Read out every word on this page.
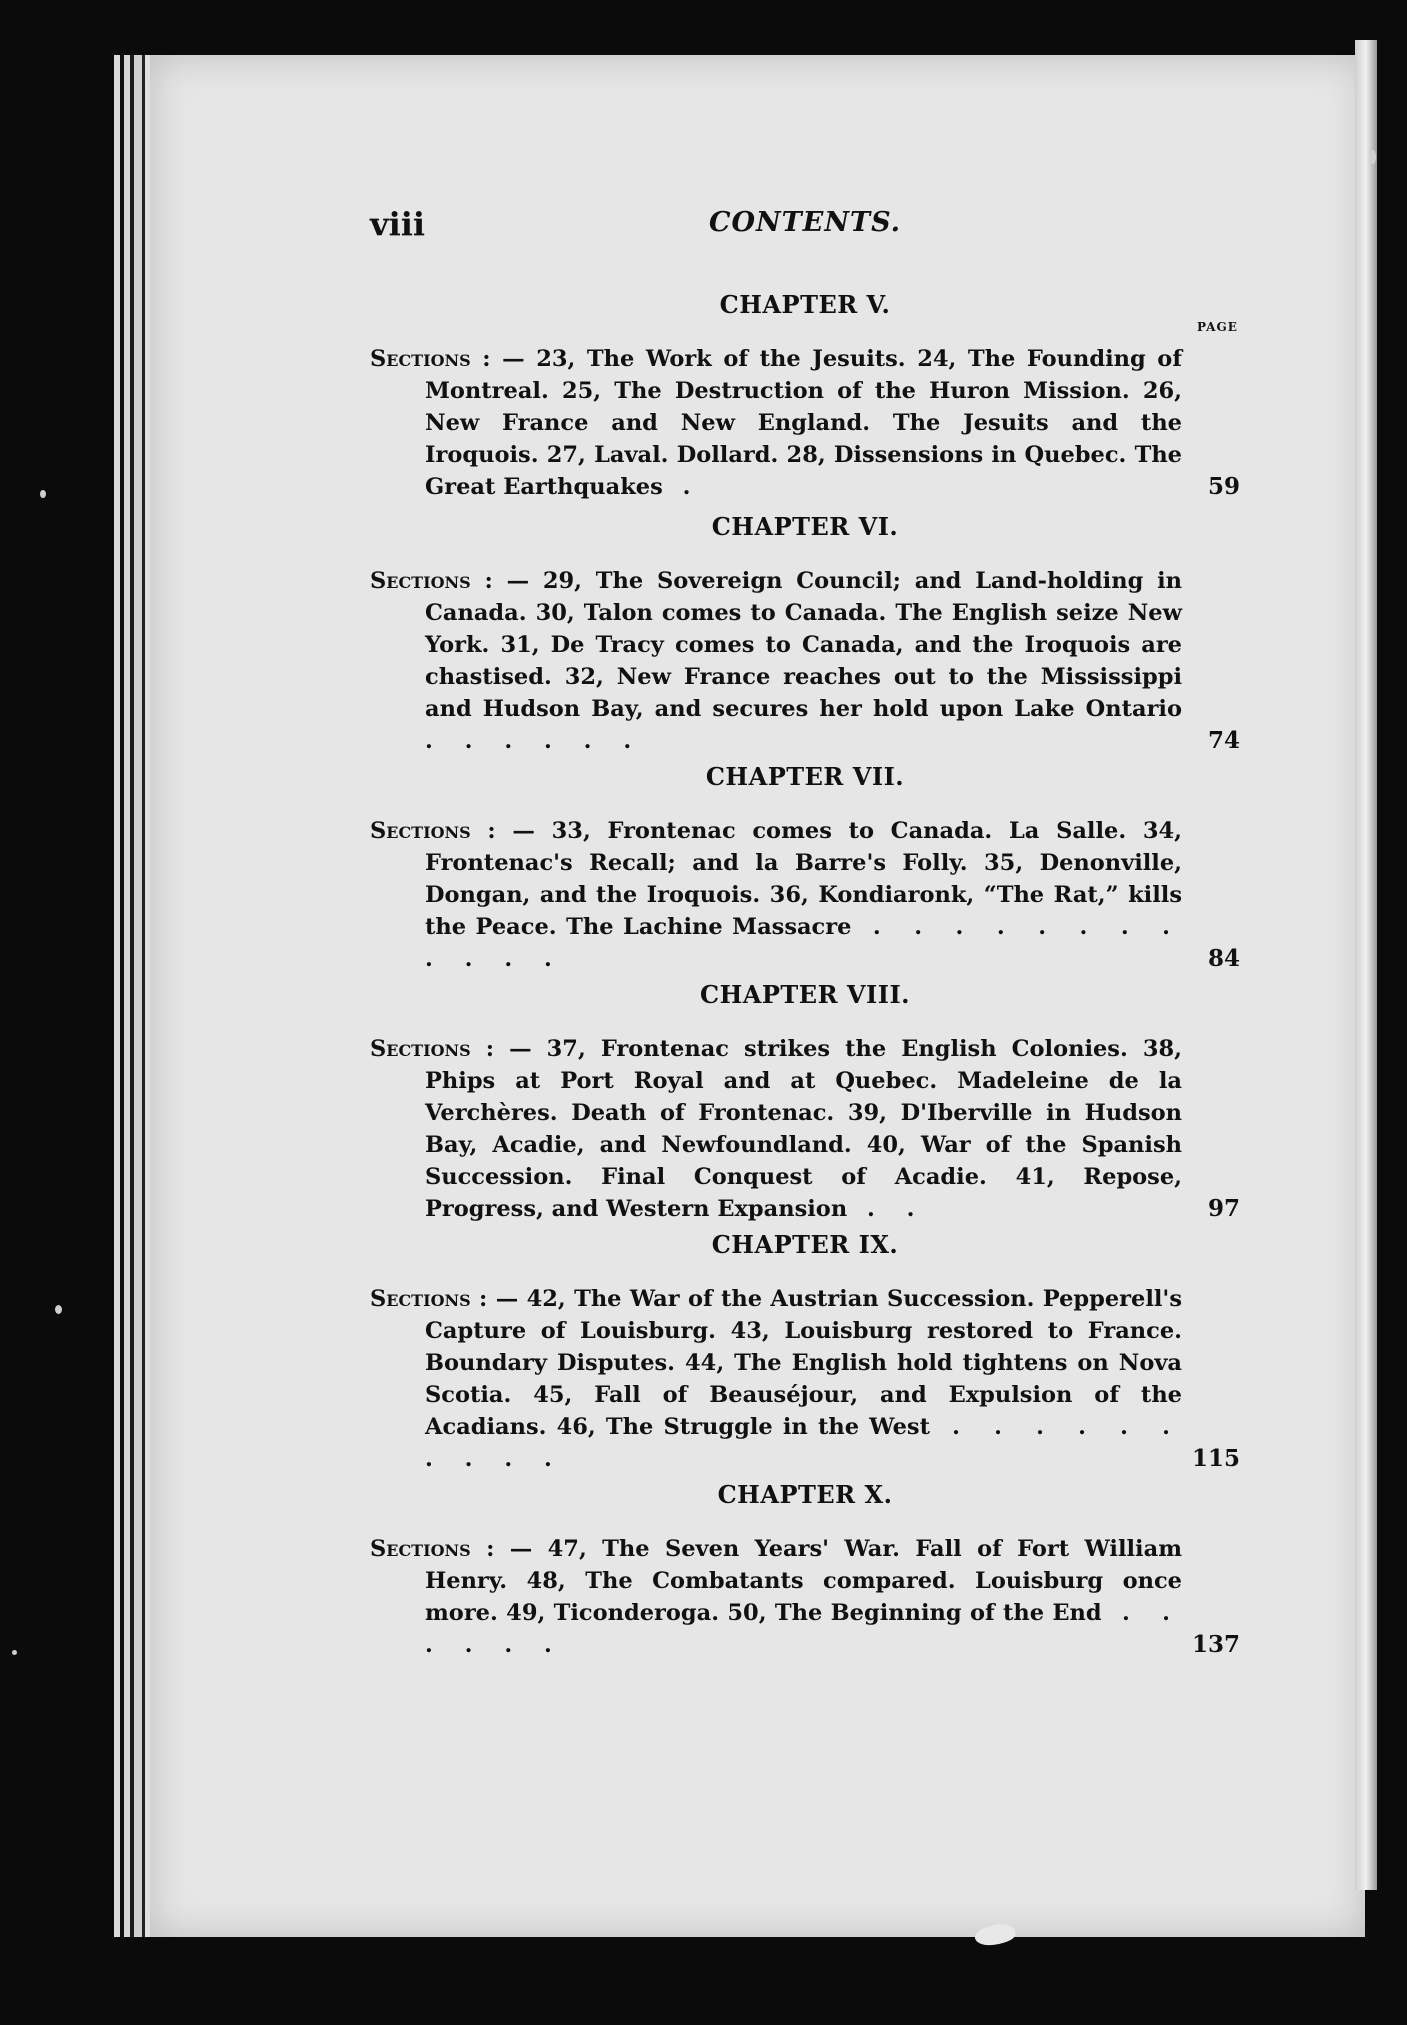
viii	CONTENTS.
PAGE
CHAPTER V.
Sections : — 23, The Work of the Jesuits. 24, The Founding of Montreal. 25, The Destruction of the Huron Mission. 26, New France and New England. The Jesuits and the Iroquois. 27, Laval. Dollard. 28, Dissensions in Quebec. The Great Earthquakes .	59
CHAPTER VI.
Sections : — 29, The Sovereign Council; and Land-holding in Canada. 30, Talon comes to Canada. The English seize New York. 31, De Tracy comes to Canada, and the Iroquois are chastised. 32, New France reaches out to the Mississippi and Hudson Bay, and secures her hold upon Lake Ontario . . . . . .	74
CHAPTER VII.
Sections : — 33, Frontenac comes to Canada. La Salle. 34, Frontenac's Recall; and la Barre's Folly. 35, Denonville, Dongan, and the Iroquois. 36, Kondiaronk, “The Rat,” kills the Peace. The Lachine Massacre . . . . . . . . . . . .	84
CHAPTER VIII.
Sections : — 37, Frontenac strikes the English Colonies. 38, Phips at Port Royal and at Quebec. Madeleine de la Verchères. Death of Frontenac. 39, D'Iberville in Hudson Bay, Acadie, and Newfoundland. 40, War of the Spanish Succession. Final Conquest of Acadie. 41, Repose, Progress, and Western Expansion . .	97
CHAPTER IX.
Sections : — 42, The War of the Austrian Succession. Pepperell's Capture of Louisburg. 43, Louisburg restored to France. Boundary Disputes. 44, The English hold tightens on Nova Scotia. 45, Fall of Beauséjour, and Expulsion of the Acadians. 46, The Struggle in the West . . . . . . . . . .	115
CHAPTER X.
Sections : — 47, The Seven Years' War. Fall of Fort William Henry. 48, The Combatants compared. Louisburg once more. 49, Ticonderoga. 50, The Beginning of the End . . . . . .	137
